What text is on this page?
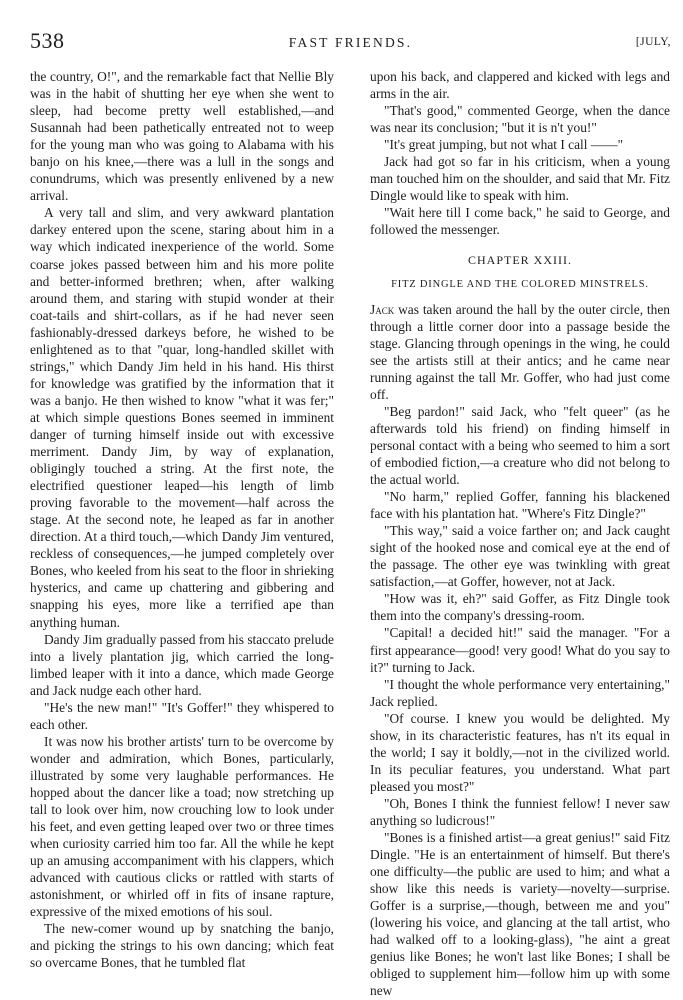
538	FAST FRIENDS.	[JULY,

the country, O!", and the remarkable fact that Nellie Bly was in the habit of shutting her eye when she went to sleep, had become pretty well established,—and Susannah had been pathetically entreated not to weep for the young man who was going to Alabama with his banjo on his knee,—there was a lull in the songs and conundrums, which was presently enlivened by a new arrival.

A very tall and slim, and very awkward plantation darkey entered upon the scene, staring about him in a way which indicated inexperience of the world. Some coarse jokes passed between him and his more polite and better-informed brethren; when, after walking around them, and staring with stupid wonder at their coat-tails and shirt-collars, as if he had never seen fashionably-dressed darkeys before, he wished to be enlightened as to that "quar, long-handled skillet with strings," which Dandy Jim held in his hand. His thirst for knowledge was gratified by the information that it was a banjo. He then wished to know "what it was fer;" at which simple questions Bones seemed in imminent danger of turning himself inside out with excessive merriment. Dandy Jim, by way of explanation, obligingly touched a string. At the first note, the electrified questioner leaped—his length of limb proving favorable to the movement—half across the stage. At the second note, he leaped as far in another direction. At a third touch,—which Dandy Jim ventured, reckless of consequences,—he jumped completely over Bones, who keeled from his seat to the floor in shrieking hysterics, and came up chattering and gibbering and snapping his eyes, more like a terrified ape than anything human.

Dandy Jim gradually passed from his staccato prelude into a lively plantation jig, which carried the long-limbed leaper with it into a dance, which made George and Jack nudge each other hard.

"He's the new man!" "It's Goffer!" they whispered to each other.

It was now his brother artists' turn to be overcome by wonder and admiration, which Bones, particularly, illustrated by some very laughable performances. He hopped about the dancer like a toad; now stretching up tall to look over him, now crouching low to look under his feet, and even getting leaped over two or three times when curiosity carried him too far. All the while he kept up an amusing accompaniment with his clappers, which advanced with cautious clicks or rattled with starts of astonishment, or whirled off in fits of insane rapture, expressive of the mixed emotions of his soul.

The new-comer wound up by snatching the banjo, and picking the strings to his own dancing; which feat so overcame Bones, that he tumbled flat

upon his back, and clappered and kicked with legs and arms in the air.

"That's good," commented George, when the dance was near its conclusion; "but it is n't you!"

"It's great jumping, but not what I call ——"

Jack had got so far in his criticism, when a young man touched him on the shoulder, and said that Mr. Fitz Dingle would like to speak with him.

"Wait here till I come back," he said to George, and followed the messenger.

CHAPTER XXIII.
FITZ DINGLE AND THE COLORED MINSTRELS.

Jack was taken around the hall by the outer circle, then through a little corner door into a passage beside the stage. Glancing through openings in the wing, he could see the artists still at their antics; and he came near running against the tall Mr. Goffer, who had just come off.

"Beg pardon!" said Jack, who "felt queer" (as he afterwards told his friend) on finding himself in personal contact with a being who seemed to him a sort of embodied fiction,—a creature who did not belong to the actual world.

"No harm," replied Goffer, fanning his blackened face with his plantation hat. "Where's Fitz Dingle?"

"This way," said a voice farther on; and Jack caught sight of the hooked nose and comical eye at the end of the passage. The other eye was twinkling with great satisfaction,—at Goffer, however, not at Jack.

"How was it, eh?" said Goffer, as Fitz Dingle took them into the company's dressing-room.

"Capital! a decided hit!" said the manager. "For a first appearance—good! very good! What do you say to it?" turning to Jack.

"I thought the whole performance very entertaining," Jack replied.

"Of course. I knew you would be delighted. My show, in its characteristic features, has n't its equal in the world; I say it boldly,—not in the civilized world. In its peculiar features, you understand. What part pleased you most?"

"Oh, Bones I think the funniest fellow! I never saw anything so ludicrous!"

"Bones is a finished artist—a great genius!" said Fitz Dingle. "He is an entertainment of himself. But there's one difficulty—the public are used to him; and what a show like this needs is variety—novelty—surprise. Goffer is a surprise,—though, between me and you" (lowering his voice, and glancing at the tall artist, who had walked off to a looking-glass), "he aint a great genius like Bones; he won't last like Bones; I shall be obliged to supplement him—follow him up with some new
